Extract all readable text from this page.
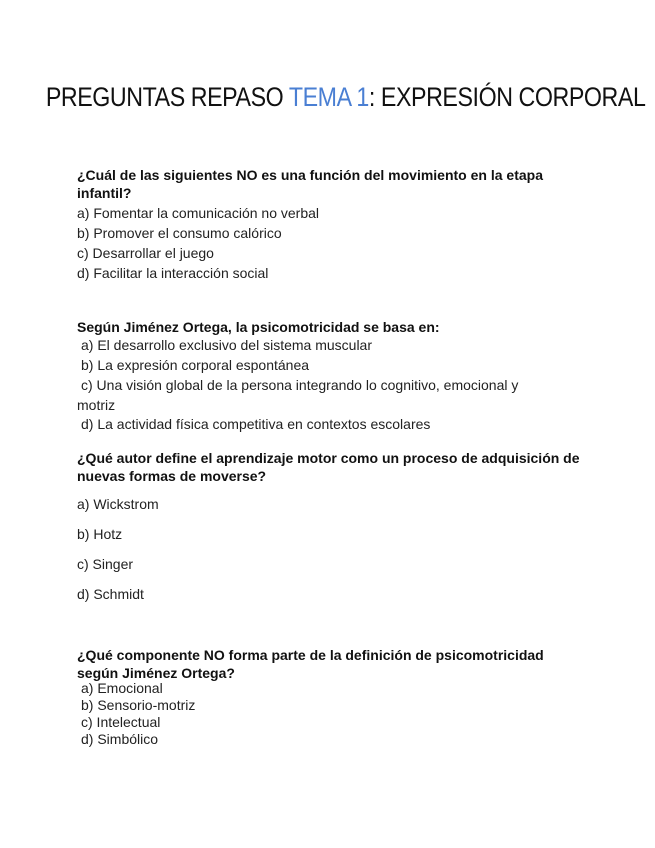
PREGUNTAS REPASO TEMA 1: EXPRESIÓN CORPORAL
¿Cuál de las siguientes NO es una función del movimiento en la etapa infantil?
a) Fomentar la comunicación no verbal
b) Promover el consumo calórico
c) Desarrollar el juego
d) Facilitar la interacción social
Según Jiménez Ortega, la psicomotricidad se basa en:
a) El desarrollo exclusivo del sistema muscular
b) La expresión corporal espontánea
c) Una visión global de la persona integrando lo cognitivo, emocional y motriz
d) La actividad física competitiva en contextos escolares
¿Qué autor define el aprendizaje motor como un proceso de adquisición de nuevas formas de moverse?
a) Wickstrom
b) Hotz
c) Singer
d) Schmidt
¿Qué componente NO forma parte de la definición de psicomotricidad según Jiménez Ortega?
a) Emocional
b) Sensorio-motriz
c) Intelectual
d) Simbólico
